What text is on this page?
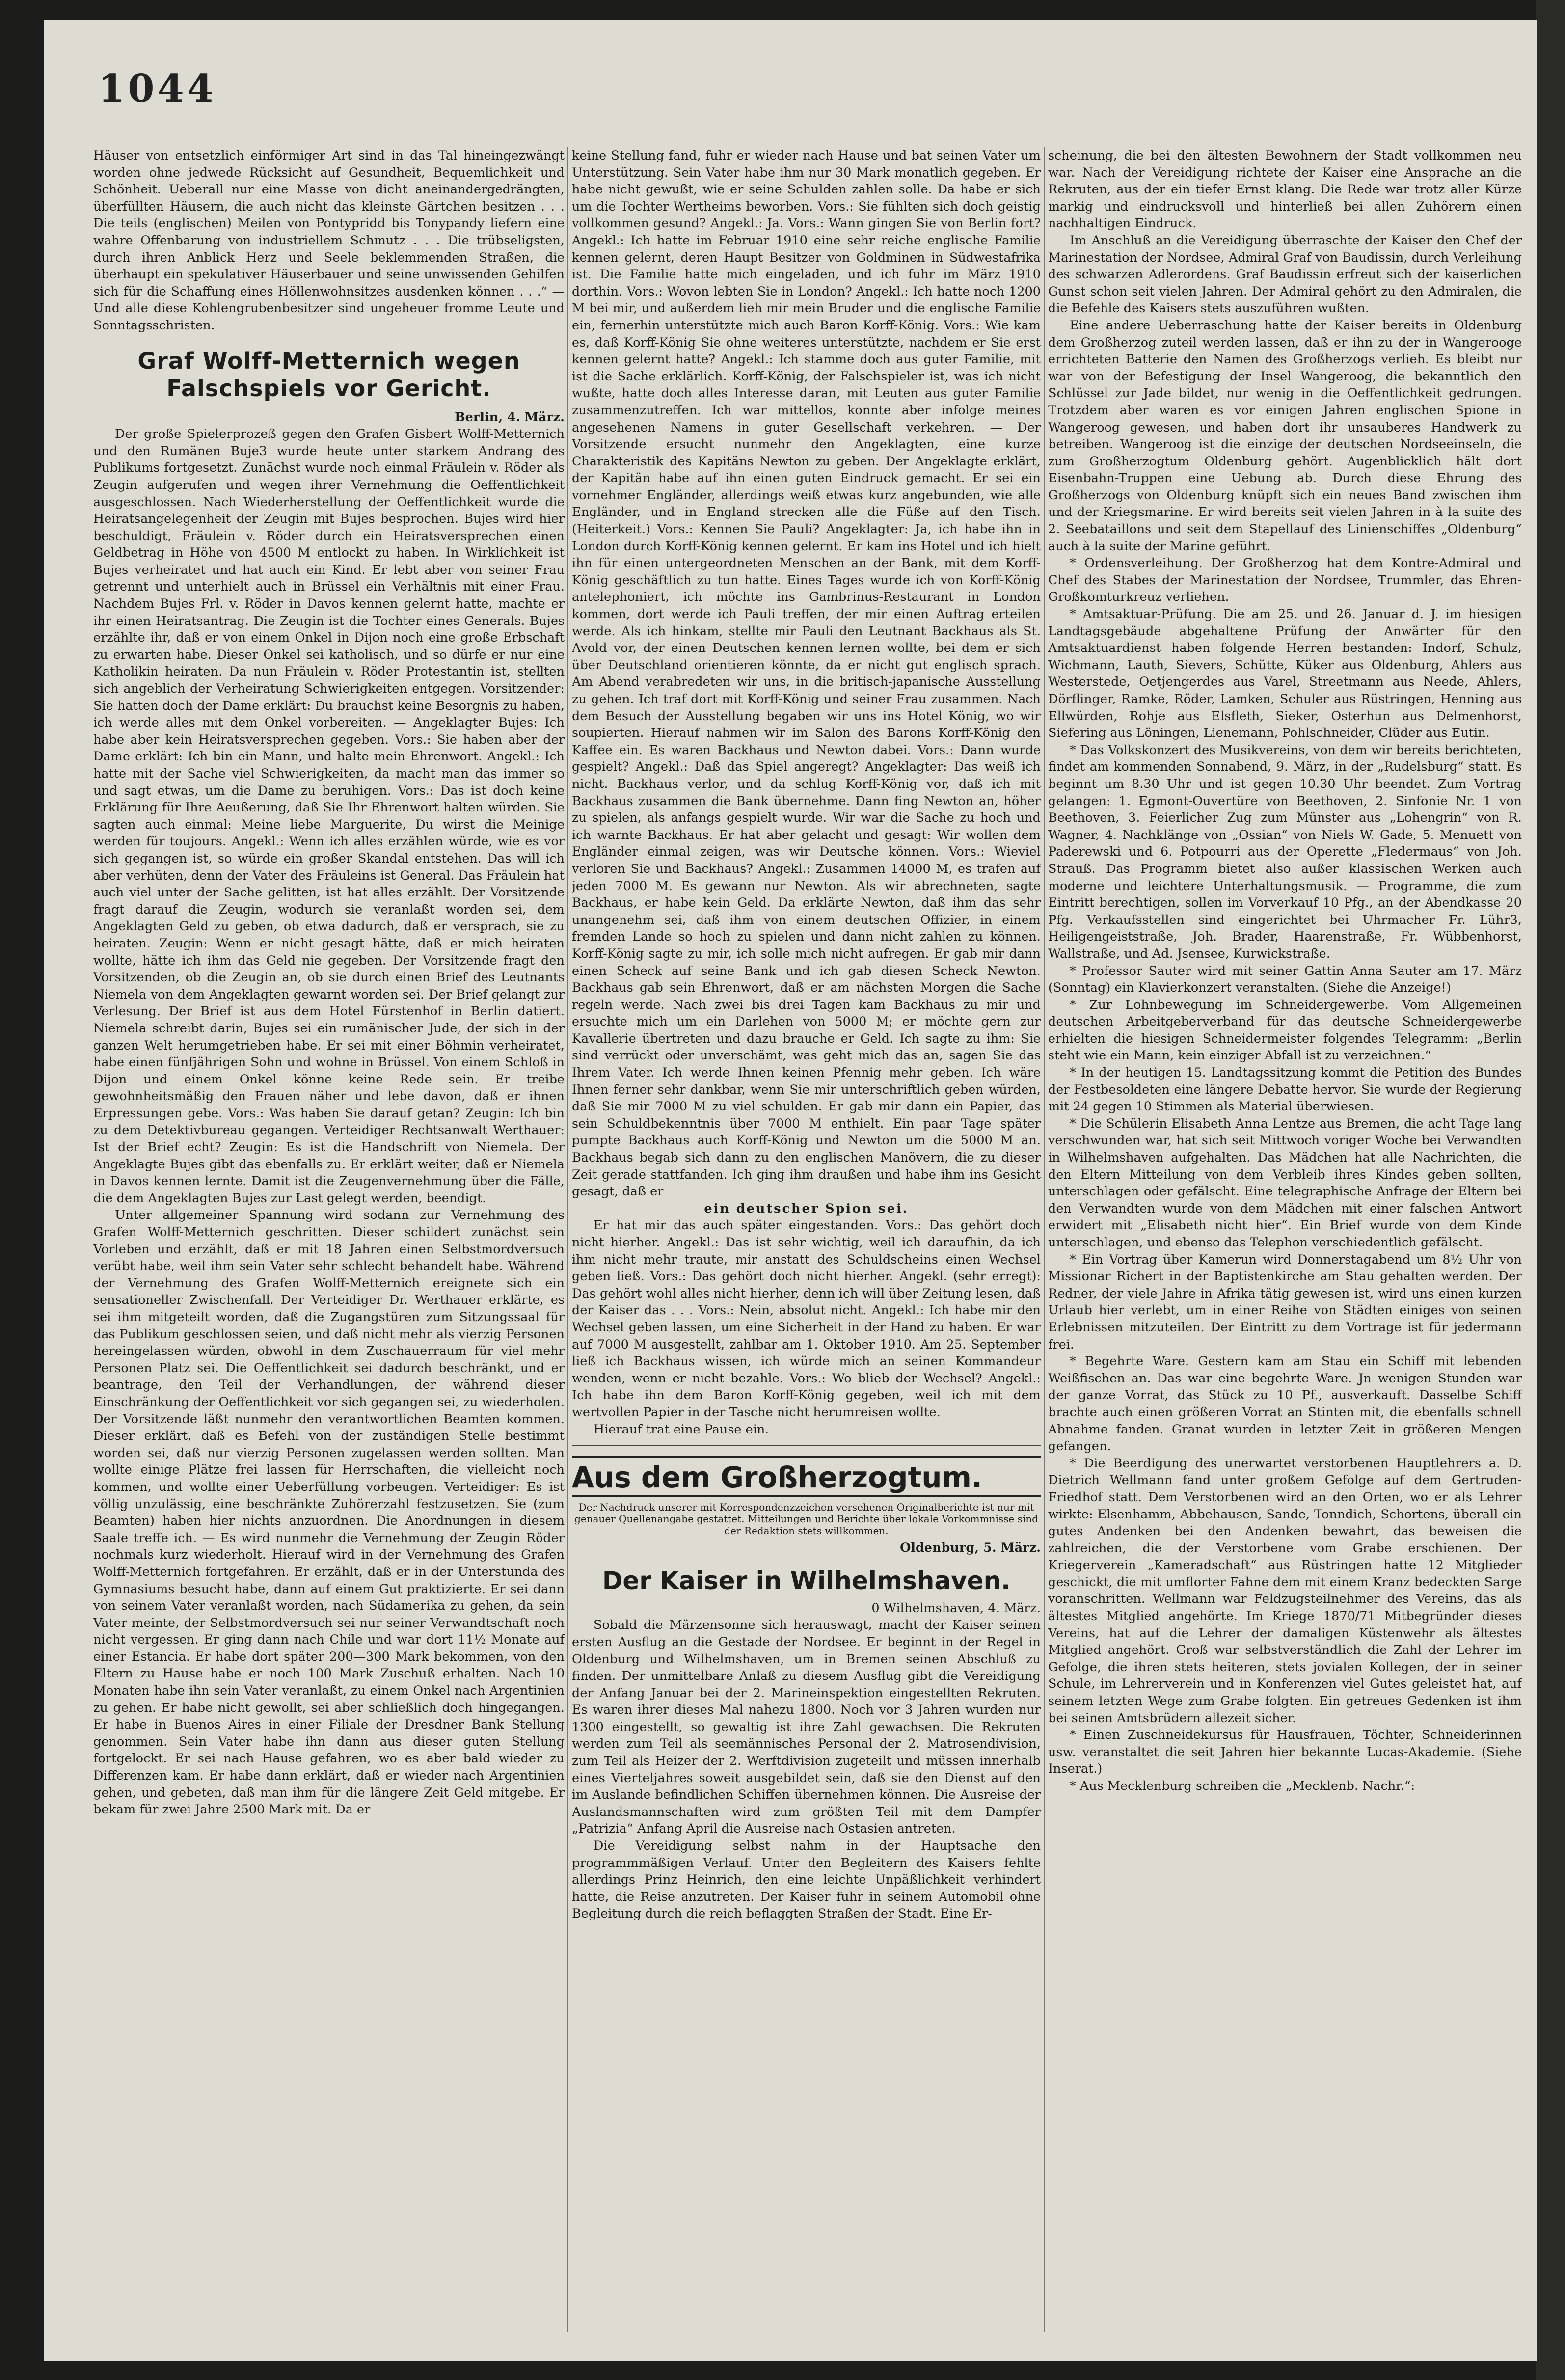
1044

Häuser von entsetzlich einförmiger Art sind in das Tal hineingezwängt worden ohne jedwede Rücksicht auf Gesundheit, Bequemlichkeit und Schönheit. Ueberall nur eine Masse von dicht aneinandergedrängten, überfüllten Häusern, die auch nicht das kleinste Gärtchen besitzen . . . Die teils (englischen) Meilen von Pontypridd bis Tonypandy liefern eine wahre Offenbarung von industriellem Schmutz . . . Die trübseligsten, durch ihren Anblick Herz und Seele beklemmenden Straßen, die überhaupt ein spekulativer Häuserbauer und seine unwissenden Gehilfen sich für die Schaffung eines Höllenwohnsitzes ausdenken können . . .“ — Und alle diese Kohlengrubenbesitzer sind ungeheuer fromme Leute und Sonntagsschristen.

Graf Wolff-Metternich wegen Falschspiels vor Gericht.

Berlin, 4. März.

Der große Spielerprozeß gegen den Grafen Gisbert Wolff-Metternich und den Rumänen Buje3 wurde heute unter starkem Andrang des Publikums fortgesetzt. Zunächst wurde noch einmal Fräulein v. Röder als Zeugin aufgerufen und wegen ihrer Vernehmung die Oeffentlichkeit ausgeschlossen. Nach Wiederherstellung der Oeffentlichkeit wurde die Heiratsangelegenheit der Zeugin mit Bujes besprochen. Bujes wird hier beschuldigt, Fräulein v. Röder durch ein Heiratsversprechen einen Geldbetrag in Höhe von 4500 M entlockt zu haben. In Wirklichkeit ist Bujes verheiratet und hat auch ein Kind. Er lebt aber von seiner Frau getrennt und unterhielt auch in Brüssel ein Verhältnis mit einer Frau. Nachdem Bujes Frl. v. Röder in Davos kennen gelernt hatte, machte er ihr einen Heiratsantrag. Die Zeugin ist die Tochter eines Generals. Bujes erzählte ihr, daß er von einem Onkel in Dijon noch eine große Erbschaft zu erwarten habe. Dieser Onkel sei katholisch, und so dürfe er nur eine Katholikin heiraten. Da nun Fräulein v. Röder Protestantin ist, stellten sich angeblich der Verheiratung Schwierigkeiten entgegen. Vorsitzender: Sie hatten doch der Dame erklärt: Du brauchst keine Besorgnis zu haben, ich werde alles mit dem Onkel vorbereiten. — Angeklagter Bujes: Ich habe aber kein Heiratsversprechen gegeben. Vors.: Sie haben aber der Dame erklärt: Ich bin ein Mann, und halte mein Ehrenwort. Angekl.: Ich hatte mit der Sache viel Schwierigkeiten, da macht man das immer so und sagt etwas, um die Dame zu beruhigen. Vors.: Das ist doch keine Erklärung für Ihre Aeußerung, daß Sie Ihr Ehrenwort halten würden. Sie sagten auch einmal: Meine liebe Marguerite, Du wirst die Meinige werden für toujours. Angekl.: Wenn ich alles erzählen würde, wie es vor sich gegangen ist, so würde ein großer Skandal entstehen. Das will ich aber verhüten, denn der Vater des Fräuleins ist General. Das Fräulein hat auch viel unter der Sache gelitten, ist hat alles erzählt. Der Vorsitzende fragt darauf die Zeugin, wodurch sie veranlaßt worden sei, dem Angeklagten Geld zu geben, ob etwa dadurch, daß er versprach, sie zu heiraten. Zeugin: Wenn er nicht gesagt hätte, daß er mich heiraten wollte, hätte ich ihm das Geld nie gegeben. Der Vorsitzende fragt den Vorsitzenden, ob die Zeugin an, ob sie durch einen Brief des Leutnants Niemela von dem Angeklagten gewarnt worden sei. Der Brief gelangt zur Verlesung. Der Brief ist aus dem Hotel Fürstenhof in Berlin datiert. Niemela schreibt darin, Bujes sei ein rumänischer Jude, der sich in der ganzen Welt herumgetrieben habe. Er sei mit einer Böhmin verheiratet, habe einen fünfjährigen Sohn und wohne in Brüssel. Von einem Schloß in Dijon und einem Onkel könne keine Rede sein. Er treibe gewohnheitsmäßig den Frauen näher und lebe davon, daß er ihnen Erpressungen gebe. Vors.: Was haben Sie darauf getan? Zeugin: Ich bin zu dem Detektivbureau gegangen. Verteidiger Rechtsanwalt Werthauer: Ist der Brief echt? Zeugin: Es ist die Handschrift von Niemela. Der Angeklagte Bujes gibt das ebenfalls zu. Er erklärt weiter, daß er Niemela in Davos kennen lernte. Damit ist die Zeugenvernehmung über die Fälle, die dem Angeklagten Bujes zur Last gelegt werden, beendigt.

Unter allgemeiner Spannung wird sodann zur Vernehmung des Grafen Wolff-Metternich geschritten. Dieser schildert zunächst sein Vorleben und erzählt, daß er mit 18 Jahren einen Selbstmordversuch verübt habe, weil ihm sein Vater sehr schlecht behandelt habe. Während der Vernehmung des Grafen Wolff-Metternich ereignete sich ein sensationeller Zwischenfall. Der Verteidiger Dr. Werthauer erklärte, es sei ihm mitgeteilt worden, daß die Zugangstüren zum Sitzungssaal für das Publikum geschlossen seien, und daß nicht mehr als vierzig Personen hereingelassen würden, obwohl in dem Zuschauerraum für viel mehr Personen Platz sei. Die Oeffentlichkeit sei dadurch beschränkt, und er beantrage, den Teil der Verhandlungen, der während dieser Einschränkung der Oeffentlichkeit vor sich gegangen sei, zu wiederholen. Der Vorsitzende läßt nunmehr den verantwortlichen Beamten kommen. Dieser erklärt, daß es Befehl von der zuständigen Stelle bestimmt worden sei, daß nur vierzig Personen zugelassen werden sollten. Man wollte einige Plätze frei lassen für Herrschaften, die vielleicht noch kommen, und wollte einer Ueberfüllung vorbeugen. Verteidiger: Es ist völlig unzulässig, eine beschränkte Zuhörerzahl festzusetzen. Sie (zum Beamten) haben hier nichts anzuordnen. Die Anordnungen in diesem Saale treffe ich. — Es wird nunmehr die Vernehmung der Zeugin Röder nochmals kurz wiederholt. Hierauf wird in der Vernehmung des Grafen Wolff-Metternich fortgefahren. Er erzählt, daß er in der Unterstunda des Gymnasiums besucht habe, dann auf einem Gut praktizierte. Er sei dann von seinem Vater veranlaßt worden, nach Südamerika zu gehen, da sein Vater meinte, der Selbstmordversuch sei nur seiner Verwandtschaft noch nicht vergessen. Er ging dann nach Chile und war dort 11½ Monate auf einer Estancia. Er habe dort später 200—300 Mark bekommen, von den Eltern zu Hause habe er noch 100 Mark Zuschuß erhalten. Nach 10 Monaten habe ihn sein Vater veranlaßt, zu einem Onkel nach Argentinien zu gehen. Er habe nicht gewollt, sei aber schließlich doch hingegangen. Er habe in Buenos Aires in einer Filiale der Dresdner Bank Stellung genommen. Sein Vater habe ihn dann aus dieser guten Stellung fortgelockt. Er sei nach Hause gefahren, wo es aber bald wieder zu Differenzen kam. Er habe dann erklärt, daß er wieder nach Argentinien gehen, und gebeten, daß man ihm für die längere Zeit Geld mitgebe. Er bekam für zwei Jahre 2500 Mark mit. Da er

keine Stellung fand, fuhr er wieder nach Hause und bat seinen Vater um Unterstützung. Sein Vater habe ihm nur 30 Mark monatlich gegeben. Er habe nicht gewußt, wie er seine Schulden zahlen solle. Da habe er sich um die Tochter Wertheims beworben. Vors.: Sie fühlten sich doch geistig vollkommen gesund? Angekl.: Ja. Vors.: Wann gingen Sie von Berlin fort? Angekl.: Ich hatte im Februar 1910 eine sehr reiche englische Familie kennen gelernt, deren Haupt Besitzer von Goldminen in Südwestafrika ist. Die Familie hatte mich eingeladen, und ich fuhr im März 1910 dorthin. Vors.: Wovon lebten Sie in London? Angekl.: Ich hatte noch 1200 M bei mir, und außerdem lieh mir mein Bruder und die englische Familie ein, fernerhin unterstützte mich auch Baron Korff-König. Vors.: Wie kam es, daß Korff-König Sie ohne weiteres unterstützte, nachdem er Sie erst kennen gelernt hatte? Angekl.: Ich stamme doch aus guter Familie, mit ist die Sache erklärlich. Korff-König, der Falschspieler ist, was ich nicht wußte, hatte doch alles Interesse daran, mit Leuten aus guter Familie zusammenzutreffen. Ich war mittellos, konnte aber infolge meines angesehenen Namens in guter Gesellschaft verkehren. — Der Vorsitzende ersucht nunmehr den Angeklagten, eine kurze Charakteristik des Kapitäns Newton zu geben. Der Angeklagte erklärt, der Kapitän habe auf ihn einen guten Eindruck gemacht. Er sei ein vornehmer Engländer, allerdings weiß etwas kurz angebunden, wie alle Engländer, und in England strecken alle die Füße auf den Tisch. (Heiterkeit.) Vors.: Kennen Sie Pauli? Angeklagter: Ja, ich habe ihn in London durch Korff-König kennen gelernt. Er kam ins Hotel und ich hielt ihn für einen untergeordneten Menschen an der Bank, mit dem Korff-König geschäftlich zu tun hatte. Eines Tages wurde ich von Korff-König antelephoniert, ich möchte ins Gambrinus-Restaurant in London kommen, dort werde ich Pauli treffen, der mir einen Auftrag erteilen werde. Als ich hinkam, stellte mir Pauli den Leutnant Backhaus als St. Avold vor, der einen Deutschen kennen lernen wollte, bei dem er sich über Deutschland orientieren könnte, da er nicht gut englisch sprach. Am Abend verabredeten wir uns, in die britisch-japanische Ausstellung zu gehen. Ich traf dort mit Korff-König und seiner Frau zusammen. Nach dem Besuch der Ausstellung begaben wir uns ins Hotel König, wo wir soupierten. Hierauf nahmen wir im Salon des Barons Korff-König den Kaffee ein. Es waren Backhaus und Newton dabei. Vors.: Dann wurde gespielt? Angekl.: Daß das Spiel angeregt? Angeklagter: Das weiß ich nicht. Backhaus verlor, und da schlug Korff-König vor, daß ich mit Backhaus zusammen die Bank übernehme. Dann fing Newton an, höher zu spielen, als anfangs gespielt wurde. Wir war die Sache zu hoch und ich warnte Backhaus. Er hat aber gelacht und gesagt: Wir wollen dem Engländer einmal zeigen, was wir Deutsche können. Vors.: Wieviel verloren Sie und Backhaus? Angekl.: Zusammen 14000 M, es trafen auf jeden 7000 M. Es gewann nur Newton. Als wir abrechneten, sagte Backhaus, er habe kein Geld. Da erklärte Newton, daß ihm das sehr unangenehm sei, daß ihm von einem deutschen Offizier, in einem fremden Lande so hoch zu spielen und dann nicht zahlen zu können. Korff-König sagte zu mir, ich solle mich nicht aufregen. Er gab mir dann einen Scheck auf seine Bank und ich gab diesen Scheck Newton. Backhaus gab sein Ehrenwort, daß er am nächsten Morgen die Sache regeln werde. Nach zwei bis drei Tagen kam Backhaus zu mir und ersuchte mich um ein Darlehen von 5000 M; er möchte gern zur Kavallerie übertreten und dazu brauche er Geld. Ich sagte zu ihm: Sie sind verrückt oder unverschämt, was geht mich das an, sagen Sie das Ihrem Vater. Ich werde Ihnen keinen Pfennig mehr geben. Ich wäre Ihnen ferner sehr dankbar, wenn Sie mir unterschriftlich geben würden, daß Sie mir 7000 M zu viel schulden. Er gab mir dann ein Papier, das sein Schuldbekenntnis über 7000 M enthielt. Ein paar Tage später pumpte Backhaus auch Korff-König und Newton um die 5000 M an. Backhaus begab sich dann zu den englischen Manövern, die zu dieser Zeit gerade stattfanden. Ich ging ihm draußen und habe ihm ins Gesicht gesagt, daß er

ein deutscher Spion sei.

Er hat mir das auch später eingestanden. Vors.: Das gehört doch nicht hierher. Angekl.: Das ist sehr wichtig, weil ich daraufhin, da ich ihm nicht mehr traute, mir anstatt des Schuldscheins einen Wechsel geben ließ. Vors.: Das gehört doch nicht hierher. Angekl. (sehr erregt): Das gehört wohl alles nicht hierher, denn ich will über Zeitung lesen, daß der Kaiser das . . . Vors.: Nein, absolut nicht. Angekl.: Ich habe mir den Wechsel geben lassen, um eine Sicherheit in der Hand zu haben. Er war auf 7000 M ausgestellt, zahlbar am 1. Oktober 1910. Am 25. September ließ ich Backhaus wissen, ich würde mich an seinen Kommandeur wenden, wenn er nicht bezahle. Vors.: Wo blieb der Wechsel? Angekl.: Ich habe ihn dem Baron Korff-König gegeben, weil ich mit dem wertvollen Papier in der Tasche nicht herumreisen wollte.

Hierauf trat eine Pause ein.

Aus dem Großherzogtum.

Der Nachdruck unserer mit Korrespondenzzeichen versehenen Originalberichte ist nur mit genauer Quellenangabe gestattet. Mitteilungen und Berichte über lokale Vorkommnisse sind der Redaktion stets willkommen.

Oldenburg, 5. März.

Der Kaiser in Wilhelmshaven.

0 Wilhelmshaven, 4. März.

Sobald die Märzensonne sich herauswagt, macht der Kaiser seinen ersten Ausflug an die Gestade der Nordsee. Er beginnt in der Regel in Oldenburg und Wilhelmshaven, um in Bremen seinen Abschluß zu finden. Der unmittelbare Anlaß zu diesem Ausflug gibt die Vereidigung der Anfang Januar bei der 2. Marineinspektion eingestellten Rekruten. Es waren ihrer dieses Mal nahezu 1800. Noch vor 3 Jahren wurden nur 1300 eingestellt, so gewaltig ist ihre Zahl gewachsen. Die Rekruten werden zum Teil als seemännisches Personal der 2. Matrosendivision, zum Teil als Heizer der 2. Werftdivision zugeteilt und müssen innerhalb eines Vierteljahres soweit ausgebildet sein, daß sie den Dienst auf den im Auslande befindlichen Schiffen übernehmen können. Die Ausreise der Auslandsmannschaften wird zum größten Teil mit dem Dampfer „Patrizia“ Anfang April die Ausreise nach Ostasien antreten.

Die Vereidigung selbst nahm in der Hauptsache den programmmäßigen Verlauf. Unter den Begleitern des Kaisers fehlte allerdings Prinz Heinrich, den eine leichte Unpäßlichkeit verhindert hatte, die Reise anzutreten. Der Kaiser fuhr in seinem Automobil ohne Begleitung durch die reich beflaggten Straßen der Stadt. Eine Er-

scheinung, die bei den ältesten Bewohnern der Stadt vollkommen neu war. Nach der Vereidigung richtete der Kaiser eine Ansprache an die Rekruten, aus der ein tiefer Ernst klang. Die Rede war trotz aller Kürze markig und eindrucksvoll und hinterließ bei allen Zuhörern einen nachhaltigen Eindruck.

Im Anschluß an die Vereidigung überraschte der Kaiser den Chef der Marinestation der Nordsee, Admiral Graf von Baudissin, durch Verleihung des schwarzen Adlerordens. Graf Baudissin erfreut sich der kaiserlichen Gunst schon seit vielen Jahren. Der Admiral gehört zu den Admiralen, die die Befehle des Kaisers stets auszuführen wußten.

Eine andere Ueberraschung hatte der Kaiser bereits in Oldenburg dem Großherzog zuteil werden lassen, daß er ihn zu der in Wangerooge errichteten Batterie den Namen des Großherzogs verlieh. Es bleibt nur war von der Befestigung der Insel Wangeroog, die bekanntlich den Schlüssel zur Jade bildet, nur wenig in die Oeffentlichkeit gedrungen. Trotzdem aber waren es vor einigen Jahren englischen Spione in Wangeroog gewesen, und haben dort ihr unsauberes Handwerk zu betreiben. Wangeroog ist die einzige der deutschen Nordseeinseln, die zum Großherzogtum Oldenburg gehört. Augenblicklich hält dort Eisenbahn-Truppen eine Uebung ab. Durch diese Ehrung des Großherzogs von Oldenburg knüpft sich ein neues Band zwischen ihm und der Kriegsmarine. Er wird bereits seit vielen Jahren in à la suite des 2. Seebataillons und seit dem Stapellauf des Linienschiffes „Oldenburg“ auch à la suite der Marine geführt.

* Ordensverleihung. Der Großherzog hat dem Kontre-Admiral und Chef des Stabes der Marinestation der Nordsee, Trummler, das Ehren-Großkomturkreuz verliehen.

* Amtsaktuar-Prüfung. Die am 25. und 26. Januar d. J. im hiesigen Landtagsgebäude abgehaltene Prüfung der Anwärter für den Amtsaktuardienst haben folgende Herren bestanden: Indorf, Schulz, Wichmann, Lauth, Sievers, Schütte, Küker aus Oldenburg, Ahlers aus Westerstede, Oetjengerdes aus Varel, Streetmann aus Neede, Ahlers, Dörflinger, Ramke, Röder, Lamken, Schuler aus Rüstringen, Henning aus Ellwürden, Rohje aus Elsfleth, Sieker, Osterhun aus Delmenhorst, Siefering aus Löningen, Lienemann, Pohlschneider, Clüder aus Eutin.

* Das Volkskonzert des Musikvereins, von dem wir bereits berichteten, findet am kommenden Sonnabend, 9. März, in der „Rudelsburg“ statt. Es beginnt um 8.30 Uhr und ist gegen 10.30 Uhr beendet. Zum Vortrag gelangen: 1. Egmont-Ouvertüre von Beethoven, 2. Sinfonie Nr. 1 von Beethoven, 3. Feierlicher Zug zum Münster aus „Lohengrin“ von R. Wagner, 4. Nachklänge von „Ossian“ von Niels W. Gade, 5. Menuett von Paderewski und 6. Potpourri aus der Operette „Fledermaus“ von Joh. Strauß. Das Programm bietet also außer klassischen Werken auch moderne und leichtere Unterhaltungsmusik. — Programme, die zum Eintritt berechtigen, sollen im Vorverkauf 10 Pfg., an der Abendkasse 20 Pfg. Verkaufsstellen sind eingerichtet bei Uhrmacher Fr. Lühr3, Heiligengeiststraße, Joh. Brader, Haarenstraße, Fr. Wübbenhorst, Wallstraße, und Ad. Jsensee, Kurwickstraße.

* Professor Sauter wird mit seiner Gattin Anna Sauter am 17. März (Sonntag) ein Klavierkonzert veranstalten. (Siehe die Anzeige!)

* Zur Lohnbewegung im Schneidergewerbe. Vom Allgemeinen deutschen Arbeitgeberverband für das deutsche Schneidergewerbe erhielten die hiesigen Schneidermeister folgendes Telegramm: „Berlin steht wie ein Mann, kein einziger Abfall ist zu verzeichnen.“

* In der heutigen 15. Landtagssitzung kommt die Petition des Bundes der Festbesoldeten eine längere Debatte hervor. Sie wurde der Regierung mit 24 gegen 10 Stimmen als Material überwiesen.

* Die Schülerin Elisabeth Anna Lentze aus Bremen, die acht Tage lang verschwunden war, hat sich seit Mittwoch voriger Woche bei Verwandten in Wilhelmshaven aufgehalten. Das Mädchen hat alle Nachrichten, die den Eltern Mitteilung von dem Verbleib ihres Kindes geben sollten, unterschlagen oder gefälscht. Eine telegraphische Anfrage der Eltern bei den Verwandten wurde von dem Mädchen mit einer falschen Antwort erwidert mit „Elisabeth nicht hier“. Ein Brief wurde von dem Kinde unterschlagen, und ebenso das Telephon verschiedentlich gefälscht.

* Ein Vortrag über Kamerun wird Donnerstagabend um 8½ Uhr von Missionar Richert in der Baptistenkirche am Stau gehalten werden. Der Redner, der viele Jahre in Afrika tätig gewesen ist, wird uns einen kurzen Urlaub hier verlebt, um in einer Reihe von Städten einiges von seinen Erlebnissen mitzuteilen. Der Eintritt zu dem Vortrage ist für jedermann frei.

* Begehrte Ware. Gestern kam am Stau ein Schiff mit lebenden Weißfischen an. Das war eine begehrte Ware. Jn wenigen Stunden war der ganze Vorrat, das Stück zu 10 Pf., ausverkauft. Dasselbe Schiff brachte auch einen größeren Vorrat an Stinten mit, die ebenfalls schnell Abnahme fanden. Granat wurden in letzter Zeit in größeren Mengen gefangen.

* Die Beerdigung des unerwartet verstorbenen Hauptlehrers a. D. Dietrich Wellmann fand unter großem Gefolge auf dem Gertruden-Friedhof statt. Dem Verstorbenen wird an den Orten, wo er als Lehrer wirkte: Elsenhamm, Abbehausen, Sande, Tonndich, Schortens, überall ein gutes Andenken bei den Andenken bewahrt, das beweisen die zahlreichen, die der Verstorbene vom Grabe erschienen. Der Kriegerverein „Kameradschaft“ aus Rüstringen hatte 12 Mitglieder geschickt, die mit umflorter Fahne dem mit einem Kranz bedeckten Sarge voranschritten. Wellmann war Feldzugsteilnehmer des Vereins, das als ältestes Mitglied angehörte. Im Kriege 1870/71 Mitbegründer dieses Vereins, hat auf die Lehrer der damaligen Küstenwehr als ältestes Mitglied angehört. Groß war selbstverständlich die Zahl der Lehrer im Gefolge, die ihren stets heiteren, stets jovialen Kollegen, der in seiner Schule, im Lehrerverein und in Konferenzen viel Gutes geleistet hat, auf seinem letzten Wege zum Grabe folgten. Ein getreues Gedenken ist ihm bei seinen Amtsbrüdern allezeit sicher.

* Einen Zuschneidekursus für Hausfrauen, Töchter, Schneiderinnen usw. veranstaltet die seit Jahren hier bekannte Lucas-Akademie. (Siehe Inserat.)

* Aus Mecklenburg schreiben die „Mecklenb. Nachr.“:
